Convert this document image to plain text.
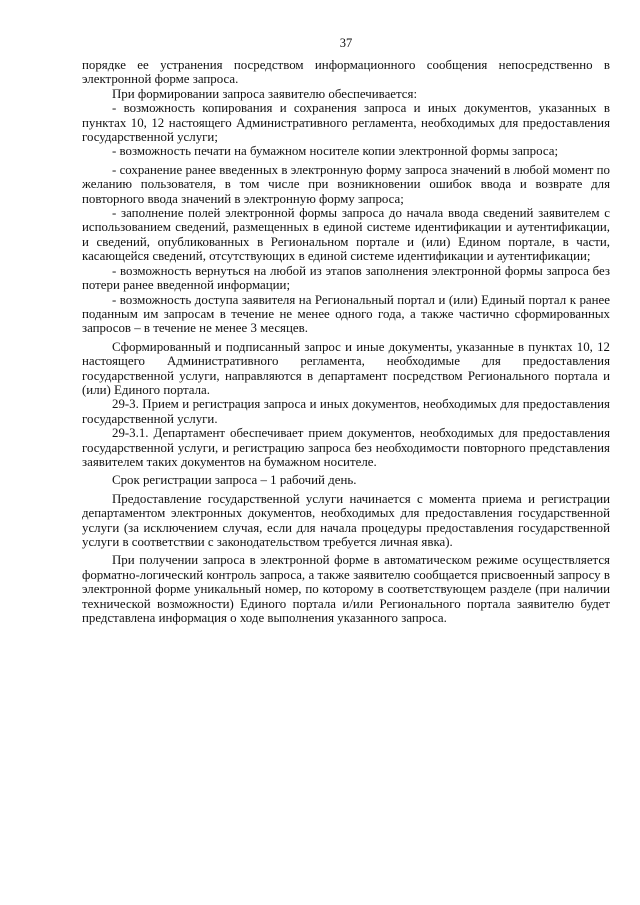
37

порядке ее устранения посредством информационного сообщения непосредственно в электронной форме запроса.

При формировании запроса заявителю обеспечивается:

- возможность копирования и сохранения запроса и иных документов, указанных в пунктах 10, 12 настоящего Административного регламента, необходимых для предоставления государственной услуги;

- возможность печати на бумажном носителе копии электронной формы запроса;

- сохранение ранее введенных в электронную форму запроса значений в любой момент по желанию пользователя, в том числе при возникновении ошибок ввода и возврате для повторного ввода значений в электронную форму запроса;

- заполнение полей электронной формы запроса до начала ввода сведений заявителем с использованием сведений, размещенных в единой системе идентификации и аутентификации, и сведений, опубликованных в Региональном портале и (или) Едином портале, в части, касающейся сведений, отсутствующих в единой системе идентификации и аутентификации;

- возможность вернуться на любой из этапов заполнения электронной формы запроса без потери ранее введенной информации;

- возможность доступа заявителя на Региональный портал и (или) Единый портал к ранее поданным им запросам в течение не менее одного года, а также частично сформированных запросов – в течение не менее 3 месяцев.

Сформированный и подписанный запрос и иные документы, указанные в пунктах 10, 12 настоящего Административного регламента, необходимые для предоставления государственной услуги, направляются в департамент посредством Регионального портала и (или) Единого портала.

29-3. Прием и регистрация запроса и иных документов, необходимых для предоставления государственной услуги.

29-3.1. Департамент обеспечивает прием документов, необходимых для предоставления государственной услуги, и регистрацию запроса без необходимости повторного представления заявителем таких документов на бумажном носителе.

Срок регистрации запроса – 1 рабочий день.

Предоставление государственной услуги начинается с момента приема и регистрации департаментом электронных документов, необходимых для предоставления государственной услуги (за исключением случая, если для начала процедуры предоставления государственной услуги в соответствии с законодательством требуется личная явка).

При получении запроса в электронной форме в автоматическом режиме осуществляется форматно-логический контроль запроса, а также заявителю сообщается присвоенный запросу в электронной форме уникальный номер, по которому в соответствующем разделе (при наличии технической возможности) Единого портала и/или Регионального портала заявителю будет представлена информация о ходе выполнения указанного запроса.
